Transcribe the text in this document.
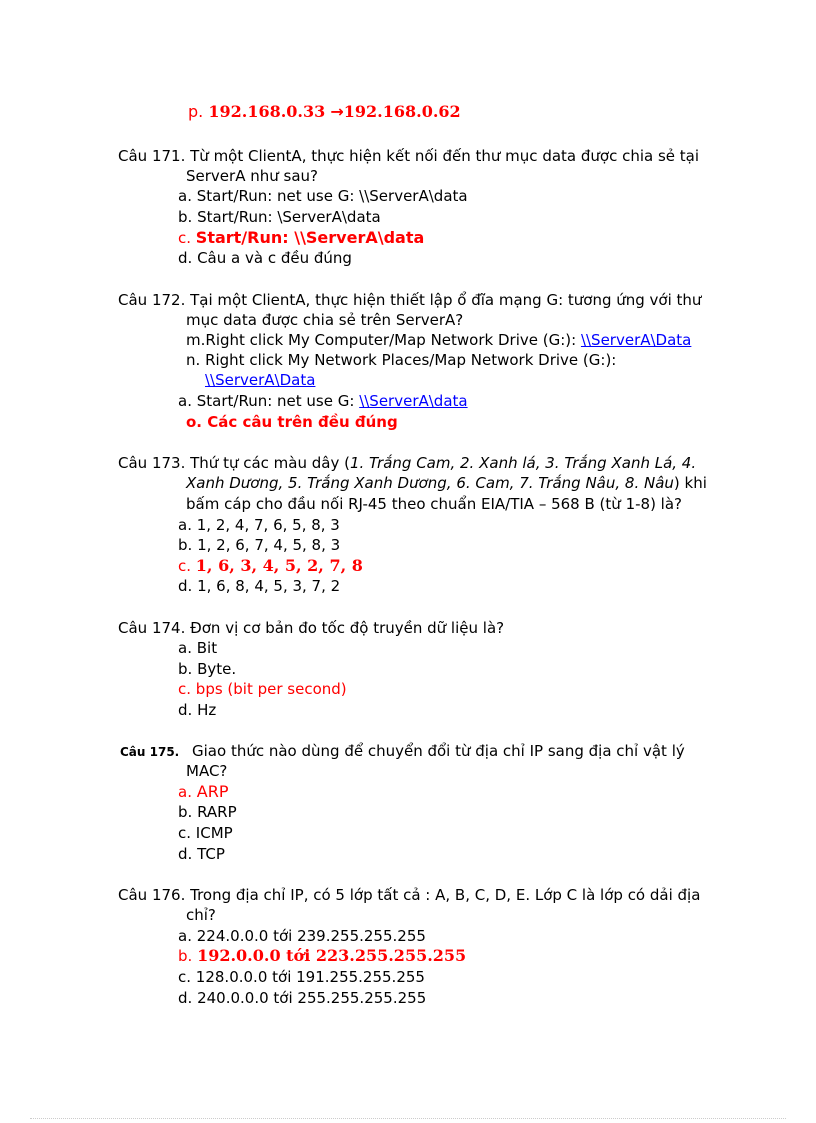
p. 192.168.0.33 →192.168.0.62
Câu 171. Từ một ClientA, thực hiện kết nối đến thư mục data được chia sẻ tại
ServerA như sau?
a. Start/Run: net use G: \\ServerA\data
b. Start/Run: \ServerA\data
c. Start/Run: \\ServerA\data
d. Câu a và c đều đúng
Câu 172. Tại một ClientA, thực hiện thiết lập ổ đĩa mạng G: tương ứng với thư
mục data được chia sẻ trên ServerA?
m.Right click My Computer/Map Network Drive (G:): \\ServerA\Data
n. Right click My Network Places/Map Network Drive (G:):
\\ServerA\Data
a. Start/Run: net use G: \\ServerA\data
o. Các câu trên đều đúng
Câu 173. Thứ tự các màu dây (1. Trắng Cam, 2. Xanh lá, 3. Trắng Xanh Lá, 4.
Xanh Dương, 5. Trắng Xanh Dương, 6. Cam, 7. Trắng Nâu, 8. Nâu) khi
bấm cáp cho đầu nối RJ-45 theo chuẩn EIA/TIA – 568 B (từ 1-8) là?
a. 1, 2, 4, 7, 6, 5, 8, 3
b. 1, 2, 6, 7, 4, 5, 8, 3
c. 1, 6, 3, 4, 5, 2, 7, 8
d. 1, 6, 8, 4, 5, 3, 7, 2
Câu 174. Đơn vị cơ bản đo tốc độ truyền dữ liệu là?
a. Bit
b. Byte.
c. bps (bit per second)
d. Hz
Câu 175. Giao thức nào dùng để chuyển đổi từ địa chỉ IP sang địa chỉ vật lý
MAC?
a. ARP
b. RARP
c. ICMP
d. TCP
Câu 176. Trong địa chỉ IP, có 5 lớp tất cả : A, B, C, D, E. Lớp C là lớp có dải địa
chỉ?
a. 224.0.0.0 tới 239.255.255.255
b. 192.0.0.0 tới 223.255.255.255
c. 128.0.0.0 tới 191.255.255.255
d. 240.0.0.0 tới 255.255.255.255
